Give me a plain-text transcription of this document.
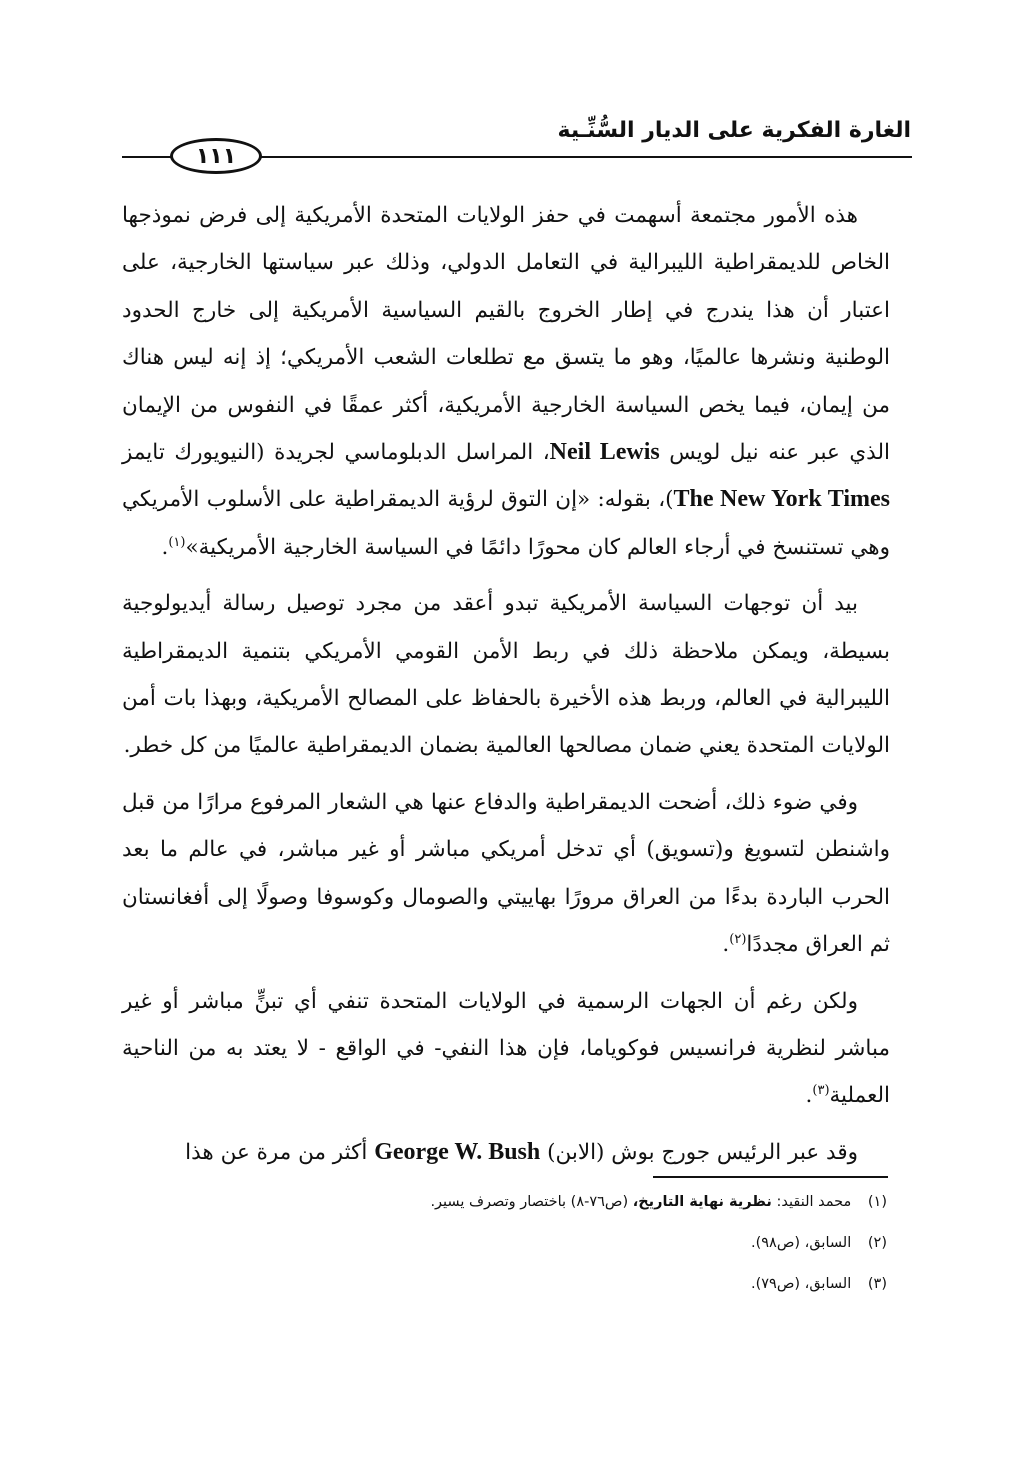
الغارة الفكرية على الديار السُّنِّـية
١١١

هذه الأمور مجتمعة أسهمت في حفز الولايات المتحدة الأمريكية إلى فرض نموذجها الخاص للديمقراطية الليبرالية في التعامل الدولي، وذلك عبر سياستها الخارجية، على اعتبار أن هذا يندرج في إطار الخروج بالقيم السياسية الأمريكية إلى خارج الحدود الوطنية ونشرها عالميًا، وهو ما يتسق مع تطلعات الشعب الأمريكي؛ إذ إنه ليس هناك من إيمان، فيما يخص السياسة الخارجية الأمريكية، أكثر عمقًا في النفوس من الإيمان الذي عبر عنه نيل لويس Neil Lewis، المراسل الدبلوماسي لجريدة (النيويورك تايمز The New York Times)، بقوله: «إن التوق لرؤية الديمقراطية على الأسلوب الأمريكي وهي تستنسخ في أرجاء العالم كان محورًا دائمًا في السياسة الخارجية الأمريكية»$^{(١)}$.

بيد أن توجهات السياسة الأمريكية تبدو أعقد من مجرد توصيل رسالة أيديولوجية بسيطة، ويمكن ملاحظة ذلك في ربط الأمن القومي الأمريكي بتنمية الديمقراطية الليبرالية في العالم، وربط هذه الأخيرة بالحفاظ على المصالح الأمريكية، وبهذا بات أمن الولايات المتحدة يعني ضمان مصالحها العالمية بضمان الديمقراطية عالميًا من كل خطر.

وفي ضوء ذلك، أضحت الديمقراطية والدفاع عنها هي الشعار المرفوع مرارًا من قبل واشنطن لتسويغ و(تسويق) أي تدخل أمريكي مباشر أو غير مباشر، في عالم ما بعد الحرب الباردة بدءًا من العراق مرورًا بهاييتي والصومال وكوسوفا وصولًا إلى أفغانستان ثم العراق مجددًا$^{(٢)}$.

ولكن رغم أن الجهات الرسمية في الولايات المتحدة تنفي أي تبنٍّ مباشر أو غير مباشر لنظرية فرانسيس فوكوياما، فإن هذا النفي- في الواقع - لا يعتد به من الناحية العملية$^{(٣)}$.

وقد عبر الرئيس جورج بوش (الابن) George W. Bush أكثر من مرة عن هذا

(١) محمد النقيد: نظرية نهاية التاريخ، (ص٧٦-٨) باختصار وتصرف يسير.
(٢) السابق، (ص٩٨).
(٣) السابق، (ص٧٩).
